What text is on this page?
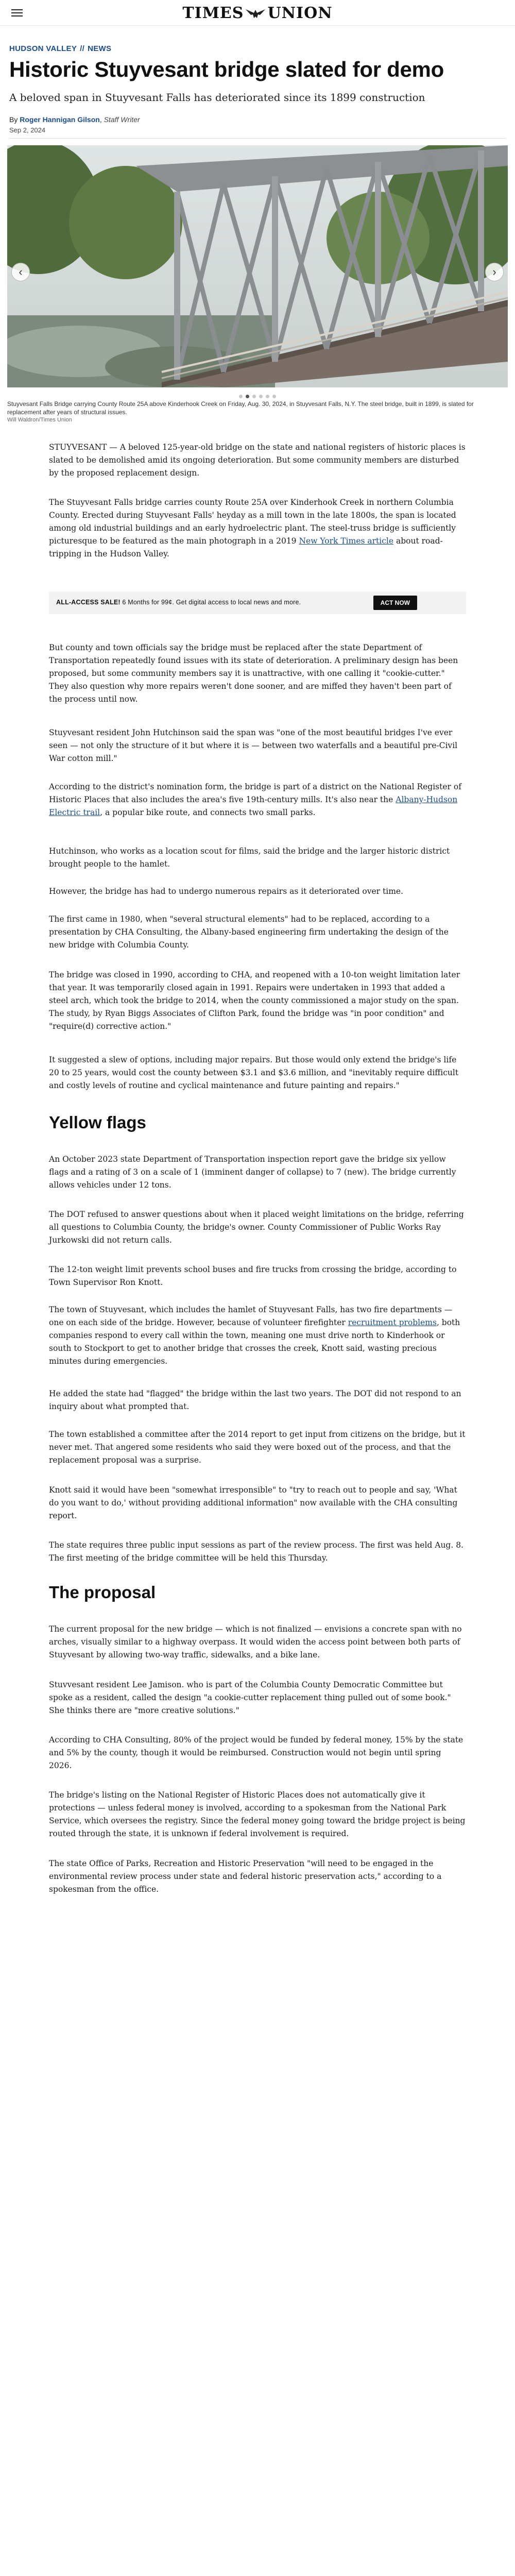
TIMES UNION
HUDSON VALLEY // NEWS
Historic Stuyvesant bridge slated for demo
A beloved span in Stuyvesant Falls has deteriorated since its 1899 construction
By Roger Hannigan Gilson, Staff Writer
Sep 2, 2024
‹	›
Stuyvesant Falls Bridge carrying County Route 25A above Kinderhook Creek on Friday, Aug. 30, 2024, in Stuyvesant Falls, N.Y. The steel bridge, built in 1899, is slated for replacement after years of structural issues.
Will Waldron/Times Union
STUYVESANT — A beloved 125-year-old bridge on the state and national registers of historic places is slated to be demolished amid its ongoing deterioration. But some community members are disturbed by the proposed replacement design.
The Stuyvesant Falls bridge carries county Route 25A over Kinderhook Creek in northern Columbia County. Erected during Stuyvesant Falls' heyday as a mill town in the late 1800s, the span is located among old industrial buildings and an early hydroelectric plant. The steel-truss bridge is sufficiently picturesque to be featured as the main photograph in a 2019 New York Times article about road-tripping in the Hudson Valley.
ALL-ACCESS SALE! 6 Months for 99¢. Get digital access to local news and more.	ACT NOW
But county and town officials say the bridge must be replaced after the state Department of Transportation repeatedly found issues with its state of deterioration. A preliminary design has been proposed, but some community members say it is unattractive, with one calling it "cookie-cutter." They also question why more repairs weren't done sooner, and are miffed they haven't been part of the process until now.
Stuyvesant resident John Hutchinson said the span was "one of the most beautiful bridges I've ever seen — not only the structure of it but where it is — between two waterfalls and a beautiful pre-Civil War cotton mill."
According to the district's nomination form, the bridge is part of a district on the National Register of Historic Places that also includes the area's five 19th-century mills. It's also near the Albany-Hudson Electric trail, a popular bike route, and connects two small parks.
Hutchinson, who works as a location scout for films, said the bridge and the larger historic district brought people to the hamlet.
However, the bridge has had to undergo numerous repairs as it deteriorated over time.
The first came in 1980, when "several structural elements" had to be replaced, according to a presentation by CHA Consulting, the Albany-based engineering firm undertaking the design of the new bridge with Columbia County.
The bridge was closed in 1990, according to CHA, and reopened with a 10-ton weight limitation later that year. It was temporarily closed again in 1991. Repairs were undertaken in 1993 that added a steel arch, which took the bridge to 2014, when the county commissioned a major study on the span. The study, by Ryan Biggs Associates of Clifton Park, found the bridge was "in poor condition" and "require(d) corrective action."
It suggested a slew of options, including major repairs. But those would only extend the bridge's life 20 to 25 years, would cost the county between $3.1 and $3.6 million, and "inevitably require difficult and costly levels of routine and cyclical maintenance and future painting and repairs."
Yellow flags
An October 2023 state Department of Transportation inspection report gave the bridge six yellow flags and a rating of 3 on a scale of 1 (imminent danger of collapse) to 7 (new). The bridge currently allows vehicles under 12 tons.
The DOT refused to answer questions about when it placed weight limitations on the bridge, referring all questions to Columbia County, the bridge's owner. County Commissioner of Public Works Ray Jurkowski did not return calls.
The 12-ton weight limit prevents school buses and fire trucks from crossing the bridge, according to Town Supervisor Ron Knott.
The town of Stuyvesant, which includes the hamlet of Stuyvesant Falls, has two fire departments — one on each side of the bridge. However, because of volunteer firefighter recruitment problems, both companies respond to every call within the town, meaning one must drive north to Kinderhook or south to Stockport to get to another bridge that crosses the creek, Knott said, wasting precious minutes during emergencies.
He added the state had "flagged" the bridge within the last two years. The DOT did not respond to an inquiry about what prompted that.
The town established a committee after the 2014 report to get input from citizens on the bridge, but it never met. That angered some residents who said they were boxed out of the process, and that the replacement proposal was a surprise.
Knott said it would have been "somewhat irresponsible" to "try to reach out to people and say, 'What do you want to do,' without providing additional information" now available with the CHA consulting report.
The state requires three public input sessions as part of the review process. The first was held Aug. 8. The first meeting of the bridge committee will be held this Thursday.
The proposal
The current proposal for the new bridge — which is not finalized — envisions a concrete span with no arches, visually similar to a highway overpass. It would widen the access point between both parts of Stuyvesant by allowing two-way traffic, sidewalks, and a bike lane.
Stuvvesant resident Lee Jamison. who is part of the Columbia County Democratic Committee but spoke as a resident, called the design "a cookie-cutter replacement thing pulled out of some book." She thinks there are "more creative solutions."
According to CHA Consulting, 80% of the project would be funded by federal money, 15% by the state and 5% by the county, though it would be reimbursed. Construction would not begin until spring 2026.
The bridge's listing on the National Register of Historic Places does not automatically give it protections — unless federal money is involved, according to a spokesman from the National Park Service, which oversees the registry. Since the federal money going toward the bridge project is being routed through the state, it is unknown if federal involvement is required.
The state Office of Parks, Recreation and Historic Preservation "will need to be engaged in the environmental review process under state and federal historic preservation acts," according to a spokesman from the office.
